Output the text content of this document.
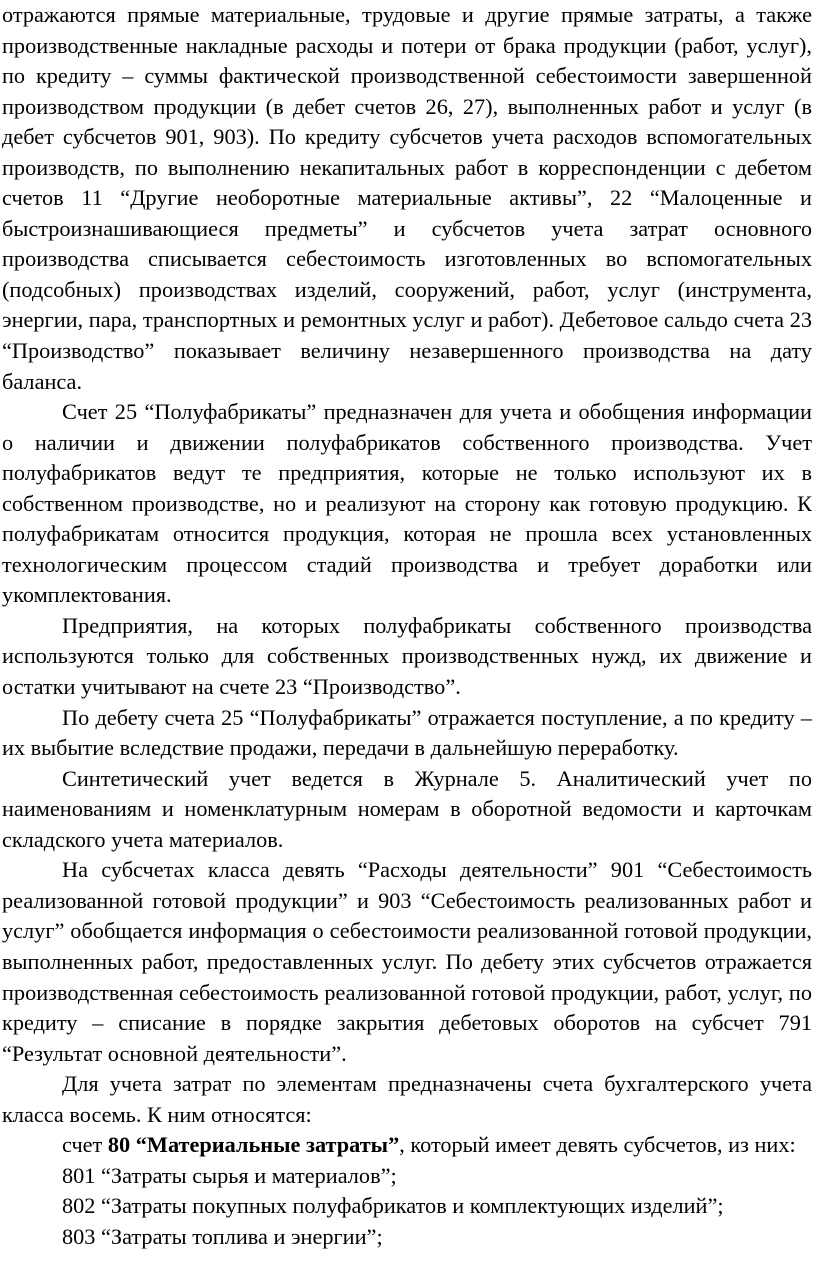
отражаются прямые материальные, трудовые и другие прямые затраты, а также производственные накладные расходы и потери от брака продукции (работ, услуг), по кредиту – суммы фактической производственной себестоимости завершенной производством продукции (в дебет счетов 26, 27), выполненных работ и услуг (в дебет субсчетов 901, 903). По кредиту субсчетов учета расходов вспомогательных производств, по выполнению некапитальных работ в корреспонденции с дебетом счетов 11 “Другие необоротные материальные активы”, 22 “Малоценные и быстроизнашивающиеся предметы” и субсчетов учета затрат основного производства списывается себестоимость изготовленных во вспомогательных (подсобных) производствах изделий, сооружений, работ, услуг (инструмента, энергии, пара, транспортных и ремонтных услуг и работ). Дебетовое сальдо счета 23 “Производство” показывает величину незавершенного производства на дату баланса.

Счет 25 “Полуфабрикаты” предназначен для учета и обобщения информации о наличии и движении полуфабрикатов собственного производства. Учет полуфабрикатов ведут те предприятия, которые не только используют их в собственном производстве, но и реализуют на сторону как готовую продукцию. К полуфабрикатам относится продукция, которая не прошла всех установленных технологическим процессом стадий производства и требует доработки или укомплектования.

Предприятия, на которых полуфабрикаты собственного производства используются только для собственных производственных нужд, их движение и остатки учитывают на счете 23 “Производство”.

По дебету счета 25 “Полуфабрикаты” отражается поступление, а по кредиту – их выбытие вследствие продажи, передачи в дальнейшую переработку.

Синтетический учет ведется в Журнале 5. Аналитический учет по наименованиям и номенклатурным номерам в оборотной ведомости и карточкам складского учета материалов.

На субсчетах класса девять “Расходы деятельности” 901 “Себестоимость реализованной готовой продукции” и 903 “Себестоимость реализованных работ и услуг” обобщается информация о себестоимости реализованной готовой продукции, выполненных работ, предоставленных услуг. По дебету этих субсчетов отражается производственная себестоимость реализованной готовой продукции, работ, услуг, по кредиту – списание в порядке закрытия дебетовых оборотов на субсчет 791 “Результат основной деятельности”.

Для учета затрат по элементам предназначены счета бухгалтерского учета класса восемь. К ним относятся:

счет 80 “Материальные затраты”, который имеет девять субсчетов, из них:

801 “Затраты сырья и материалов”;

802 “Затраты покупных полуфабрикатов и комплектующих изделий”;

803 “Затраты топлива и энергии”;
